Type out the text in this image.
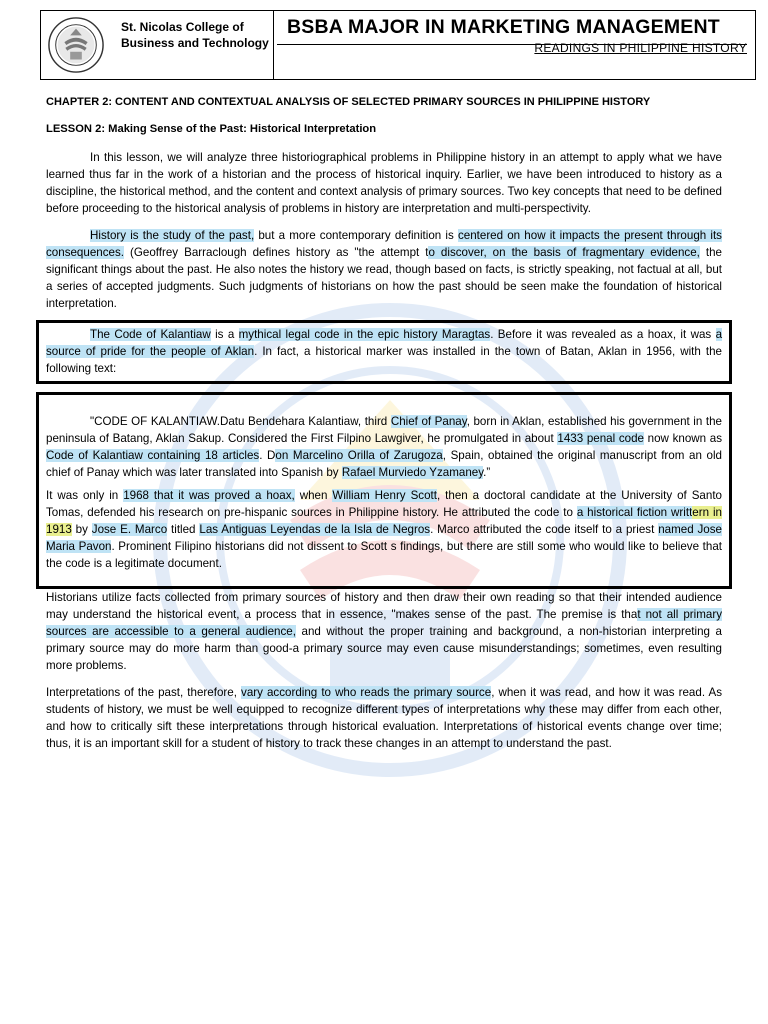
St. Nicolas College of Business and Technology
BSBA MAJOR IN MARKETING MANAGEMENT
READINGS IN PHILIPPINE HISTORY
CHAPTER 2: CONTENT AND CONTEXTUAL ANALYSIS OF SELECTED PRIMARY SOURCES IN PHILIPPINE HISTORY
LESSON 2: Making Sense of the Past: Historical Interpretation

In this lesson, we will analyze three historiographical problems in Philippine history in an attempt to apply what we have learned thus far in the work of a historian and the process of historical inquiry. Earlier, we have been introduced to history as a discipline, the historical method, and the content and context analysis of primary sources. Two key concepts that need to be defined before proceeding to the historical analysis of problems in history are interpretation and multi-perspectivity.

History is the study of the past, but a more contemporary definition is centered on how it impacts the present through its consequences. (Geoffrey Barraclough defines history as "the attempt to discover, on the basis of fragmentary evidence, the significant things about the past. He also notes the history we read, though based on facts, is strictly speaking, not factual at all, but a series of accepted judgments. Such judgments of historians on how the past should be seen make the foundation of historical interpretation.

The Code of Kalantiaw is a mythical legal code in the epic history Maragtas. Before it was revealed as a hoax, it was a source of pride for the people of Aklan. In fact, a historical marker was installed in the town of Batan, Aklan in 1956, with the following text:

"CODE OF KALANTIAW.Datu Bendehara Kalantiaw, third Chief of Panay, born in Aklan, established his government in the peninsula of Batang, Aklan Sakup. Considered the First Filpino Lawgiver, he promulgated in about 1433 penal code now known as Code of Kalantiaw containing 18 articles. Don Marcelino Orilla of Zarugoza, Spain, obtained the original manuscript from an old chief of Panay which was later translated into Spanish by Rafael Murviedo Yzamaney.”

It was only in 1968 that it was proved a hoax, when William Henry Scott, then a doctoral candidate at the University of Santo Tomas, defended his research on pre-hispanic sources in Philippine history. He attributed the code to a historical fiction writtern in 1913 by Jose E. Marco titled Las Antiguas Leyendas de la Isla de Negros. Marco attributed the code itself to a priest named Jose Maria Pavon. Prominent Filipino historians did not dissent to Scott s findings, but there are still some who would like to believe that the code is a legitimate document.

Historians utilize facts collected from primary sources of history and then draw their own reading so that their intended audience may understand the historical event, a process that in essence, "makes sense of the past. The premise is that not all primary sources are accessible to a general audience, and without the proper training and background, a non-historian interpreting a primary source may do more harm than good-a primary source may even cause misunderstandings; sometimes, even resulting more problems.

Interpretations of the past, therefore, vary according to who reads the primary source, when it was read, and how it was read. As students of history, we must be well equipped to recognize different types of interpretations why these may differ from each other, and how to critically sift these interpretations through historical evaluation. Interpretations of historical events change over time; thus, it is an important skill for a student of history to track these changes in an attempt to understand the past.
